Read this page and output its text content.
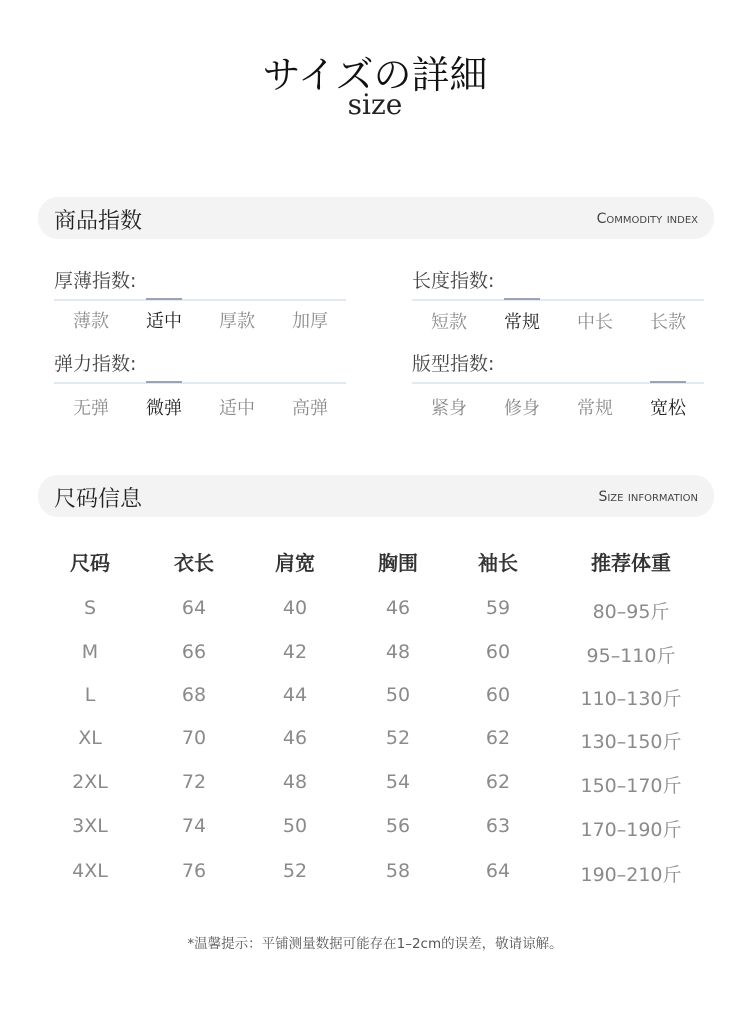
サイズの詳細
size
商品指数	Commodity index
厚薄指数:
薄款	适中	厚款	加厚
长度指数:
短款	常规	中长	长款
弹力指数:
无弹	微弹	适中	高弹
版型指数:
紧身	修身	常规	宽松
尺码信息	Size information
尺码	衣长	肩宽	胸围	袖长	推荐体重
S	64	40	46	59	80–95斤
M	66	42	48	60	95–110斤
L	68	44	50	60	110–130斤
XL	70	46	52	62	130–150斤
2XL	72	48	54	62	150–170斤
3XL	74	50	56	63	170–190斤
4XL	76	52	58	64	190–210斤
*温馨提示：平铺测量数据可能存在1–2cm的误差，敬请谅解。
